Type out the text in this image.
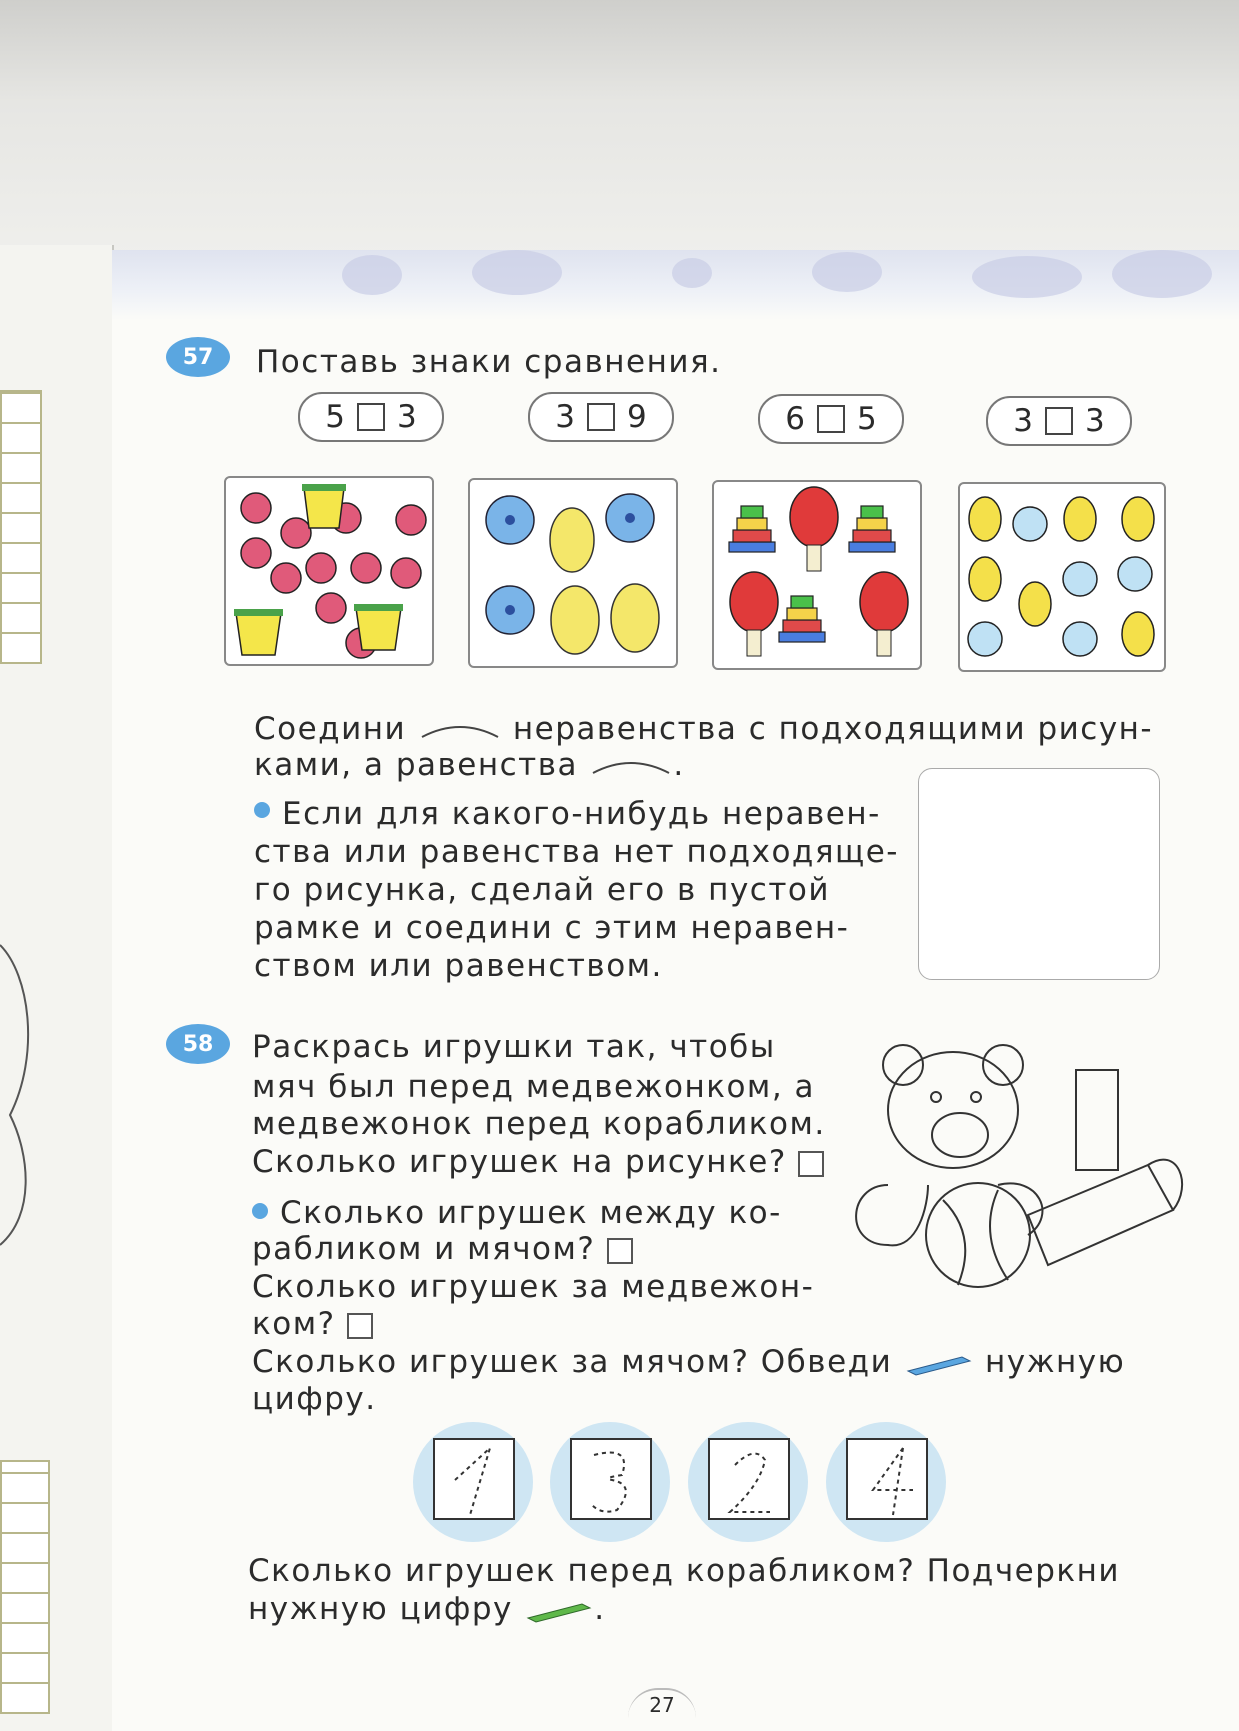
57 Поставь знаки сравнения.
5 3	3 9	6 5	3 3
Соедини	неравенства с подходящими рисун-
ками, а равенства	.
Если для какого-нибудь неравен-
ства или равенства нет подходяще-
го рисунка, сделай его в пустой
рамке и соедини с этим неравен-
ством или равенством.
58 Раскрась игрушки так, чтобы
мяч был перед медвежонком, а
медвежонок перед корабликом.
Сколько игрушек на рисунке?
Сколько игрушек между ко-
рабликом и мячом?
Сколько игрушек за медвежон-
ком?
Сколько игрушек за мячом? Обведи	нужную
цифру.
Сколько игрушек перед корабликом? Подчеркни
нужную цифру	.
27
